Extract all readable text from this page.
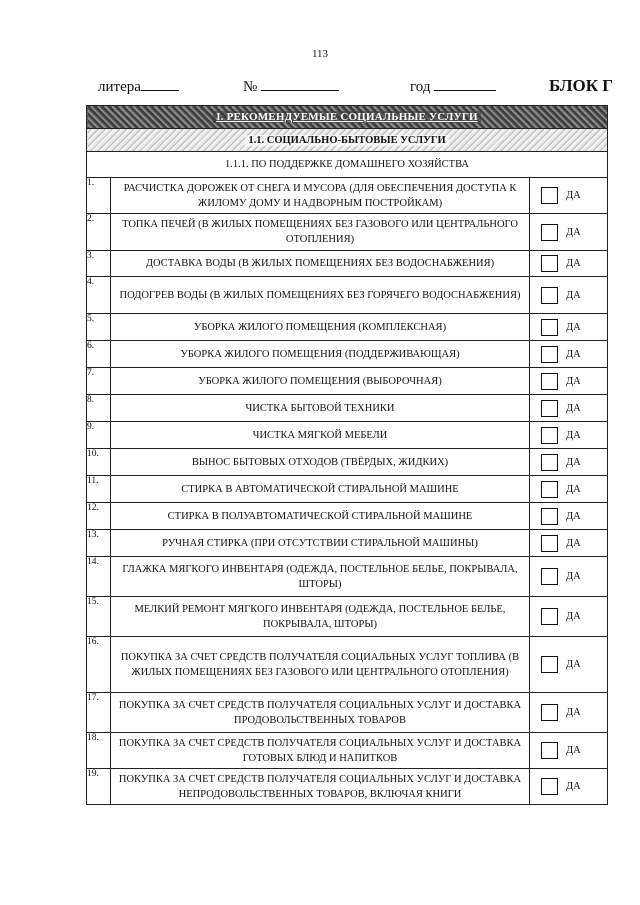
113
литера	№	год	БЛОК Г
I. РЕКОМЕНДУЕМЫЕ СОЦИАЛЬНЫЕ УСЛУГИ		
1.1. СОЦИАЛЬНО-БЫТОВЫЕ УСЛУГИ		
1.1.1. ПО ПОДДЕРЖКЕ ДОМАШНЕГО ХОЗЯЙСТВА		
1.	РАСЧИСТКА ДОРОЖЕК ОТ СНЕГА И МУСОРА (ДЛЯ ОБЕСПЕЧЕНИЯ ДОСТУПА К ЖИЛОМУ ДОМУ И НАДВОРНЫМ ПОСТРОЙКАМ)	ДА

2.	ТОПКА ПЕЧЕЙ (В ЖИЛЫХ ПОМЕЩЕНИЯХ БЕЗ ГАЗОВОГО ИЛИ ЦЕНТРАЛЬНОГО ОТОПЛЕНИЯ)	ДА

3.	ДОСТАВКА ВОДЫ (В ЖИЛЫХ ПОМЕЩЕНИЯХ БЕЗ ВОДОСНАБЖЕНИЯ)	ДА

4.	ПОДОГРЕВ ВОДЫ (В ЖИЛЫХ ПОМЕЩЕНИЯХ БЕЗ ГОРЯЧЕГО ВОДОСНАБЖЕНИЯ)	ДА

5.	УБОРКА ЖИЛОГО ПОМЕЩЕНИЯ (КОМПЛЕКСНАЯ)	ДА

6.	УБОРКА ЖИЛОГО ПОМЕЩЕНИЯ (ПОДДЕРЖИВАЮЩАЯ)	ДА

7.	УБОРКА ЖИЛОГО ПОМЕЩЕНИЯ (ВЫБОРОЧНАЯ)	ДА

8.	ЧИСТКА БЫТОВОЙ ТЕХНИКИ	ДА

9.	ЧИСТКА МЯГКОЙ МЕБЕЛИ	ДА

10.	ВЫНОС БЫТОВЫХ ОТХОДОВ (ТВЁРДЫХ, ЖИДКИХ)	ДА

11.	СТИРКА В АВТОМАТИЧЕСКОЙ СТИРАЛЬНОЙ МАШИНЕ	ДА

12.	СТИРКА В ПОЛУАВТОМАТИЧЕСКОЙ СТИРАЛЬНОЙ МАШИНЕ	ДА

13.	РУЧНАЯ СТИРКА (ПРИ ОТСУТСТВИИ СТИРАЛЬНОЙ МАШИНЫ)	ДА

14.	ГЛАЖКА МЯГКОГО ИНВЕНТАРЯ (ОДЕЖДА, ПОСТЕЛЬНОЕ БЕЛЬЕ, ПОКРЫВАЛА, ШТОРЫ)	ДА

15.	МЕЛКИЙ РЕМОНТ МЯГКОГО ИНВЕНТАРЯ (ОДЕЖДА, ПОСТЕЛЬНОЕ БЕЛЬЕ, ПОКРЫВАЛА, ШТОРЫ)	ДА

16.	ПОКУПКА ЗА СЧЕТ СРЕДСТВ ПОЛУЧАТЕЛЯ СОЦИАЛЬНЫХ УСЛУГ ТОПЛИВА (В ЖИЛЫХ ПОМЕЩЕНИЯХ БЕЗ ГАЗОВОГО ИЛИ ЦЕНТРАЛЬНОГО ОТОПЛЕНИЯ)	ДА

17.	ПОКУПКА ЗА СЧЕТ СРЕДСТВ ПОЛУЧАТЕЛЯ СОЦИАЛЬНЫХ УСЛУГ И ДОСТАВКА ПРОДОВОЛЬСТВЕННЫХ ТОВАРОВ	ДА

18.	ПОКУПКА ЗА СЧЕТ СРЕДСТВ ПОЛУЧАТЕЛЯ СОЦИАЛЬНЫХ УСЛУГ И ДОСТАВКА ГОТОВЫХ БЛЮД И НАПИТКОВ	ДА

19.	ПОКУПКА ЗА СЧЕТ СРЕДСТВ ПОЛУЧАТЕЛЯ СОЦИАЛЬНЫХ УСЛУГ И ДОСТАВКА НЕПРОДОВОЛЬСТВЕННЫХ ТОВАРОВ, ВКЛЮЧАЯ КНИГИ	ДА
